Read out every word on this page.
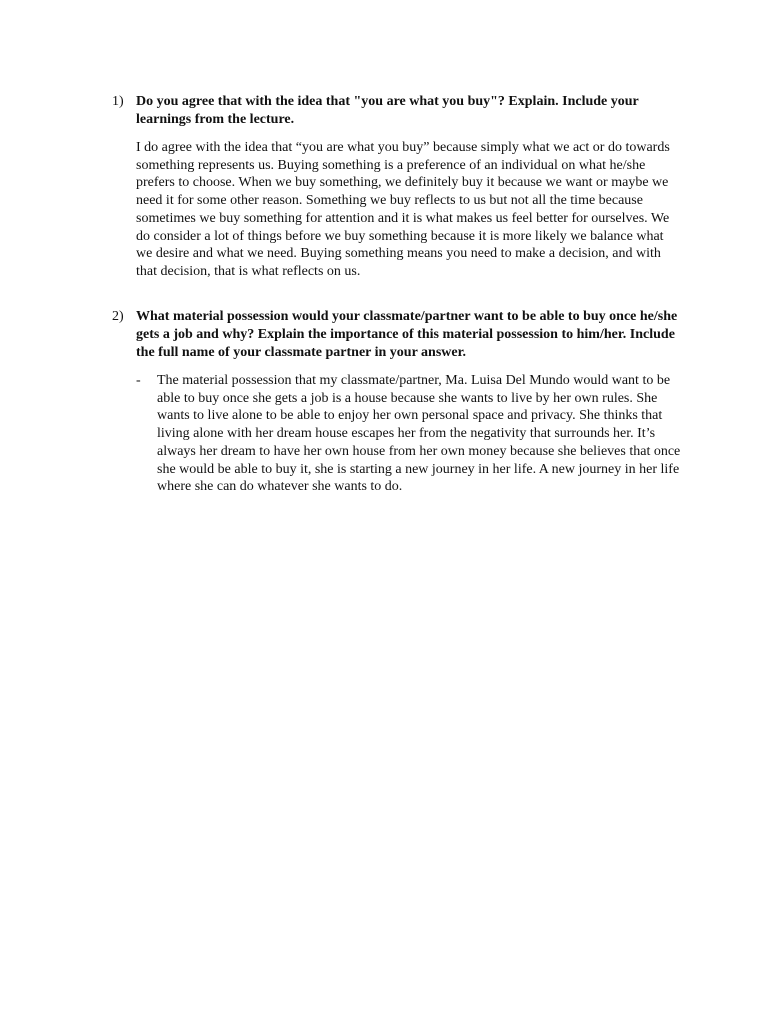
1) Do you agree that with the idea that "you are what you buy"? Explain. Include your learnings from the lecture.
I do agree with the idea that “you are what you buy” because simply what we act or do towards something represents us. Buying something is a preference of an individual on what he/she prefers to choose. When we buy something, we definitely buy it because we want or maybe we need it for some other reason. Something we buy reflects to us but not all the time because sometimes we buy something for attention and it is what makes us feel better for ourselves. We do consider a lot of things before we buy something because it is more likely we balance what we desire and what we need. Buying something means you need to make a decision, and with that decision, that is what reflects on us.
2) What material possession would your classmate/partner want to be able to buy once he/she gets a job and why? Explain the importance of this material possession to him/her. Include the full name of your classmate partner in your answer.
-	The material possession that my classmate/partner, Ma. Luisa Del Mundo would want to be able to buy once she gets a job is a house because she wants to live by her own rules. She wants to live alone to be able to enjoy her own personal space and privacy. She thinks that living alone with her dream house escapes her from the negativity that surrounds her. It’s always her dream to have her own house from her own money because she believes that once she would be able to buy it, she is starting a new journey in her life. A new journey in her life where she can do whatever she wants to do.
